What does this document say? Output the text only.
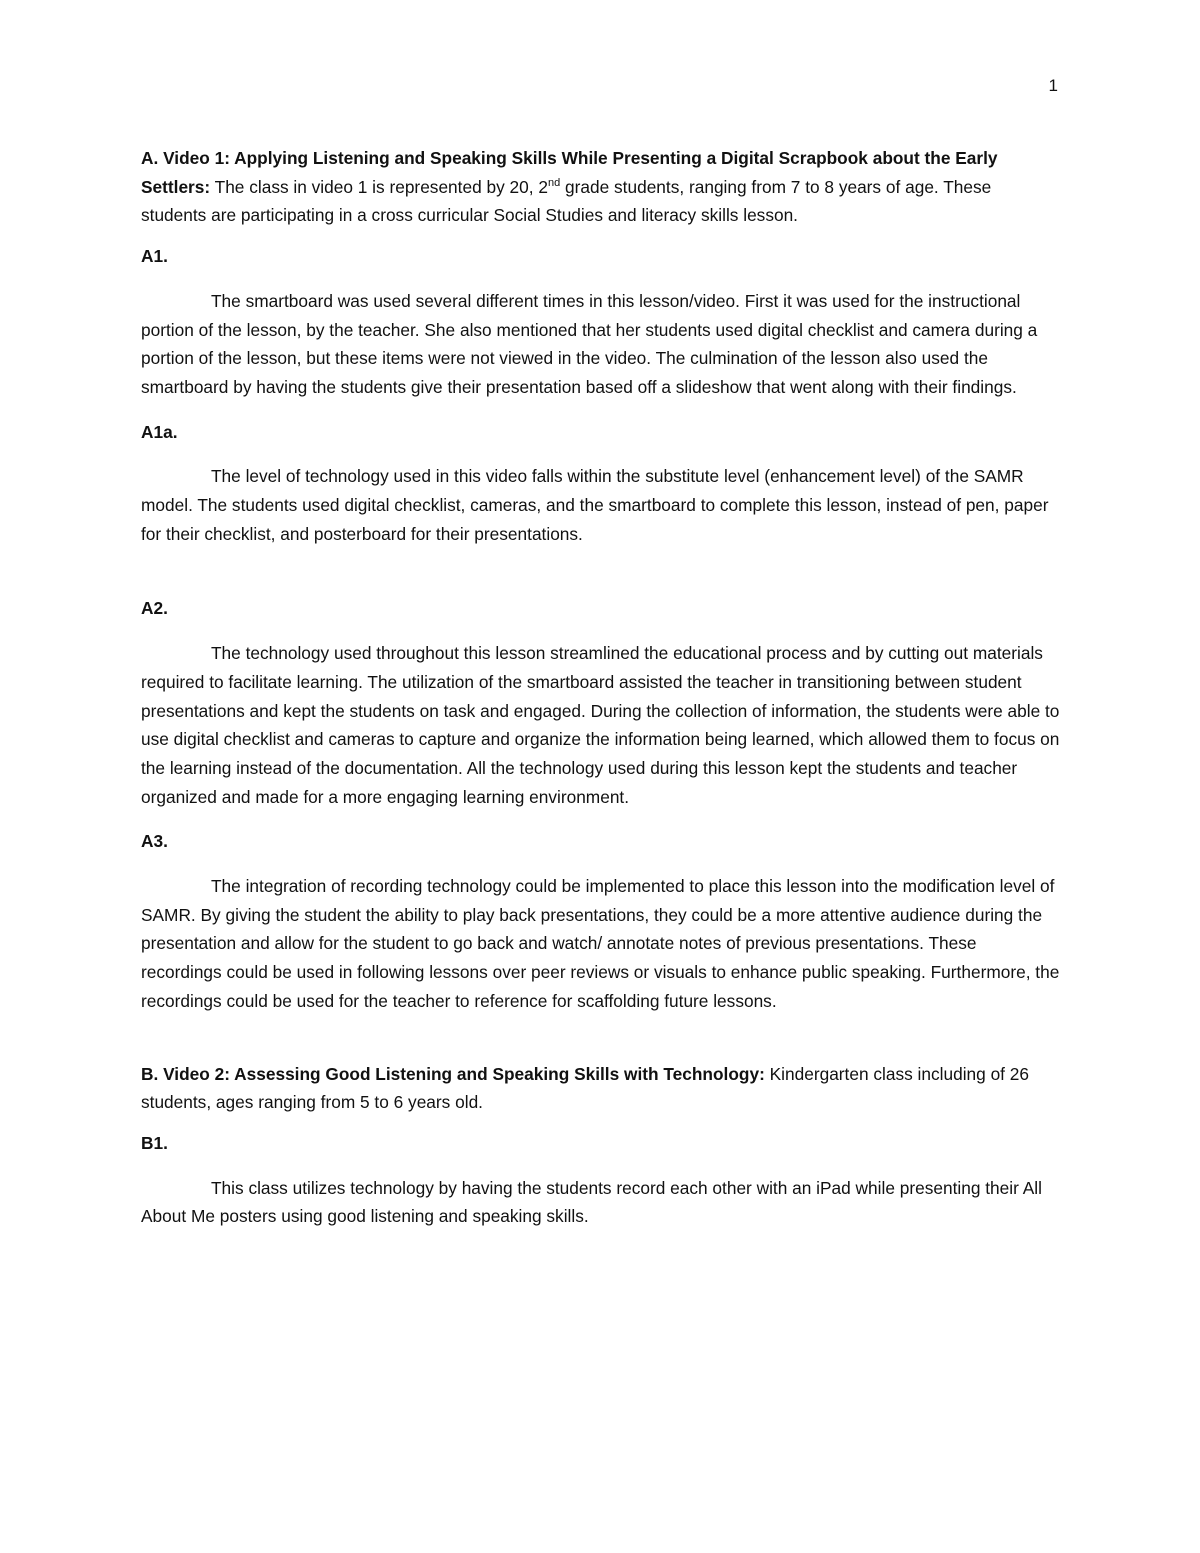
1

A. Video 1: Applying Listening and Speaking Skills While Presenting a Digital Scrapbook about the Early Settlers: The class in video 1 is represented by 20, 2nd grade students, ranging from 7 to 8 years of age. These students are participating in a cross curricular Social Studies and literacy skills lesson.

A1.

The smartboard was used several different times in this lesson/video. First it was used for the instructional portion of the lesson, by the teacher. She also mentioned that her students used digital checklist and camera during a portion of the lesson, but these items were not viewed in the video. The culmination of the lesson also used the smartboard by having the students give their presentation based off a slideshow that went along with their findings.

A1a.

The level of technology used in this video falls within the substitute level (enhancement level) of the SAMR model. The students used digital checklist, cameras, and the smartboard to complete this lesson, instead of pen, paper for their checklist, and posterboard for their presentations.

A2.

The technology used throughout this lesson streamlined the educational process and by cutting out materials required to facilitate learning. The utilization of the smartboard assisted the teacher in transitioning between student presentations and kept the students on task and engaged. During the collection of information, the students were able to use digital checklist and cameras to capture and organize the information being learned, which allowed them to focus on the learning instead of the documentation. All the technology used during this lesson kept the students and teacher organized and made for a more engaging learning environment.

A3.

The integration of recording technology could be implemented to place this lesson into the modification level of SAMR. By giving the student the ability to play back presentations, they could be a more attentive audience during the presentation and allow for the student to go back and watch/ annotate notes of previous presentations. These recordings could be used in following lessons over peer reviews or visuals to enhance public speaking. Furthermore, the recordings could be used for the teacher to reference for scaffolding future lessons.

B. Video 2: Assessing Good Listening and Speaking Skills with Technology: Kindergarten class including of 26 students, ages ranging from 5 to 6 years old.

B1.

This class utilizes technology by having the students record each other with an iPad while presenting their All About Me posters using good listening and speaking skills.
